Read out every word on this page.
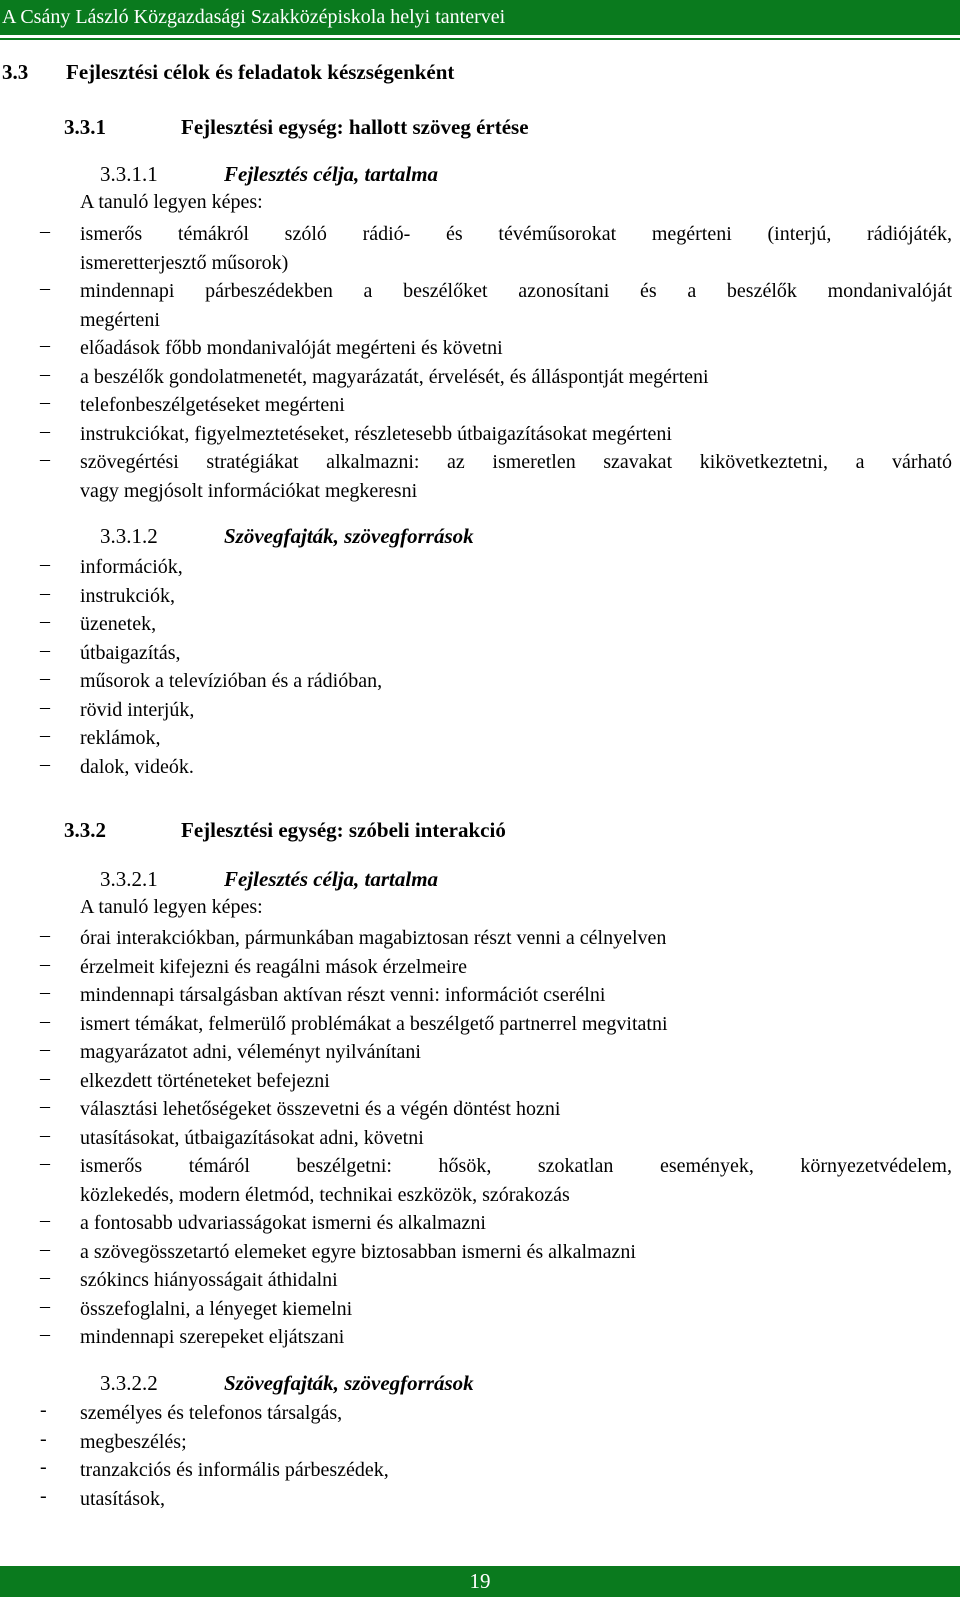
A Csány László Közgazdasági Szakközépiskola helyi tantervei
3.3 Fejlesztési célok és feladatok készségenként
3.3.1	Fejlesztési egység: hallott szöveg értése
3.3.1.1	Fejlesztés célja, tartalma
A tanuló legyen képes:
– ismerős témákról szóló rádió- és tévéműsorokat megérteni (interjú, rádiójáték,
ismeretterjesztő műsorok)
– mindennapi párbeszédekben a beszélőket azonosítani és a beszélők mondanivalóját
megérteni
– előadások főbb mondanivalóját megérteni és követni
– a beszélők gondolatmenetét, magyarázatát, érvelését, és álláspontját megérteni
– telefonbeszélgetéseket megérteni
– instrukciókat, figyelmeztetéseket, részletesebb útbaigazításokat megérteni
– szövegértési stratégiákat alkalmazni: az ismeretlen szavakat kikövetkeztetni, a várható
vagy megjósolt információkat megkeresni
3.3.1.2	Szövegfajták, szövegforrások
– információk,
– instrukciók,
– üzenetek,
– útbaigazítás,
– műsorok a televízióban és a rádióban,
– rövid interjúk,
– reklámok,
– dalok, videók.
3.3.2	Fejlesztési egység: szóbeli interakció
3.3.2.1	Fejlesztés célja, tartalma
A tanuló legyen képes:
– órai interakciókban, pármunkában magabiztosan részt venni a célnyelven
– érzelmeit kifejezni és reagálni mások érzelmeire
– mindennapi társalgásban aktívan részt venni: információt cserélni
– ismert témákat, felmerülő problémákat a beszélgető partnerrel megvitatni
– magyarázatot adni, véleményt nyilvánítani
– elkezdett történeteket befejezni
– választási lehetőségeket összevetni és a végén döntést hozni
– utasításokat, útbaigazításokat adni, követni
– ismerős témáról beszélgetni: hősök, szokatlan események, környezetvédelem,
közlekedés, modern életmód, technikai eszközök, szórakozás
– a fontosabb udvariasságokat ismerni és alkalmazni
– a szövegösszetartó elemeket egyre biztosabban ismerni és alkalmazni
– szókincs hiányosságait áthidalni
– összefoglalni, a lényeget kiemelni
– mindennapi szerepeket eljátszani
3.3.2.2	Szövegfajták, szövegforrások
- személyes és telefonos társalgás,
- megbeszélés;
- tranzakciós és informális párbeszédek,
- utasítások,
19
